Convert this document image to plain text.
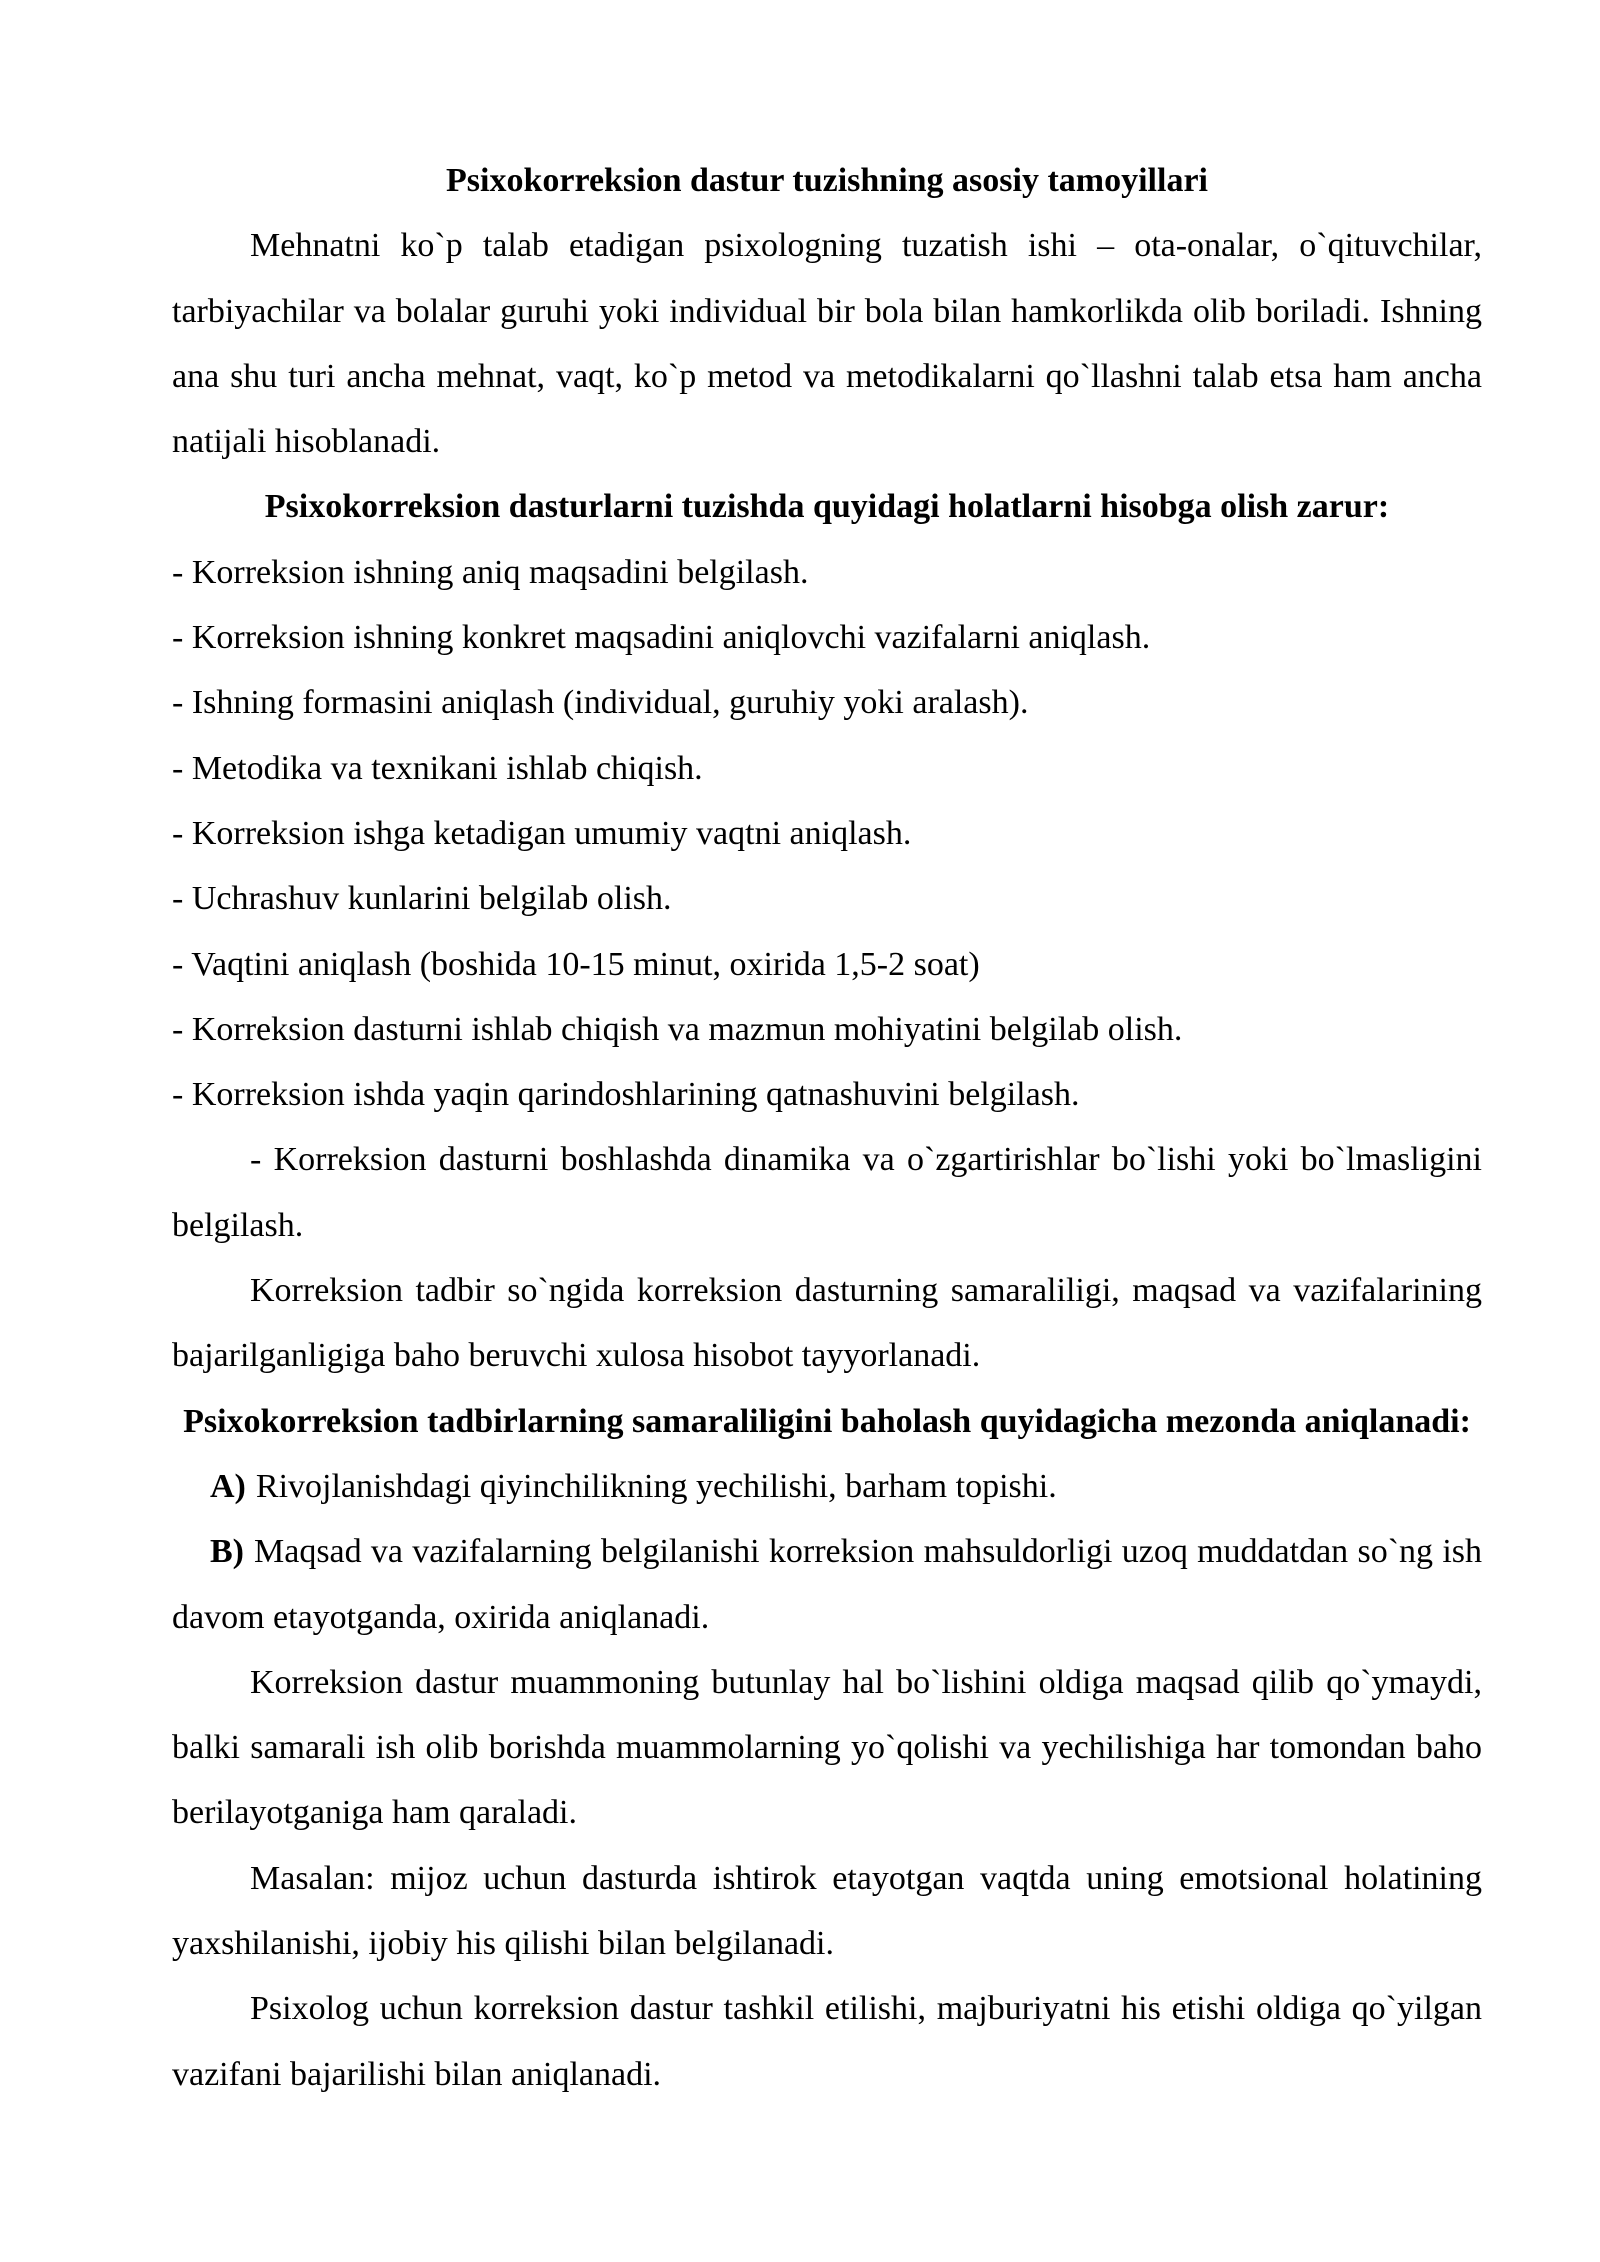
Psixokorreksion dastur tuzishning asosiy tamoyillari

Mehnatni ko`p talab etadigan psixologning tuzatish ishi – ota-onalar, o`qituvchilar, tarbiyachilar va bolalar guruhi yoki individual bir bola bilan hamkorlikda olib boriladi. Ishning ana shu turi ancha mehnat, vaqt, ko`p metod va metodikalarni qo`llashni talab etsa ham ancha natijali hisoblanadi.

Psixokorreksion dasturlarni tuzishda quyidagi holatlarni hisobga olish zarur:

- Korreksion ishning aniq maqsadini belgilash.

- Korreksion ishning konkret maqsadini aniqlovchi vazifalarni aniqlash.

- Ishning formasini aniqlash (individual, guruhiy yoki aralash).

- Metodika va texnikani ishlab chiqish.

- Korreksion ishga ketadigan umumiy vaqtni aniqlash.

- Uchrashuv kunlarini belgilab olish.

- Vaqtini aniqlash (boshida 10-15 minut, oxirida 1,5-2 soat)

- Korreksion dasturni ishlab chiqish va mazmun mohiyatini belgilab olish.

- Korreksion ishda yaqin qarindoshlarining qatnashuvini belgilash.

- Korreksion dasturni boshlashda dinamika va o`zgartirishlar bo`lishi yoki bo`lmasligini belgilash.

Korreksion tadbir so`ngida korreksion dasturning samaraliligi, maqsad va vazifalarining bajarilganligiga baho beruvchi xulosa hisobot tayyorlanadi.

Psixokorreksion tadbirlarning samaraliligini baholash quyidagicha mezonda aniqlanadi:

A) Rivojlanishdagi qiyinchilikning yechilishi, barham topishi.

B) Maqsad va vazifalarning belgilanishi korreksion mahsuldorligi uzoq muddatdan so`ng ish davom etayotganda, oxirida aniqlanadi.

Korreksion dastur muammoning butunlay hal bo`lishini oldiga maqsad qilib qo`ymaydi, balki samarali ish olib borishda muammolarning yo`qolishi va yechilishiga har tomondan baho berilayotganiga ham qaraladi.

Masalan: mijoz uchun dasturda ishtirok etayotgan vaqtda uning emotsional holatining yaxshilanishi, ijobiy his qilishi bilan belgilanadi.

Psixolog uchun korreksion dastur tashkil etilishi, majburiyatni his etishi oldiga qo`yilgan vazifani bajarilishi bilan aniqlanadi.
